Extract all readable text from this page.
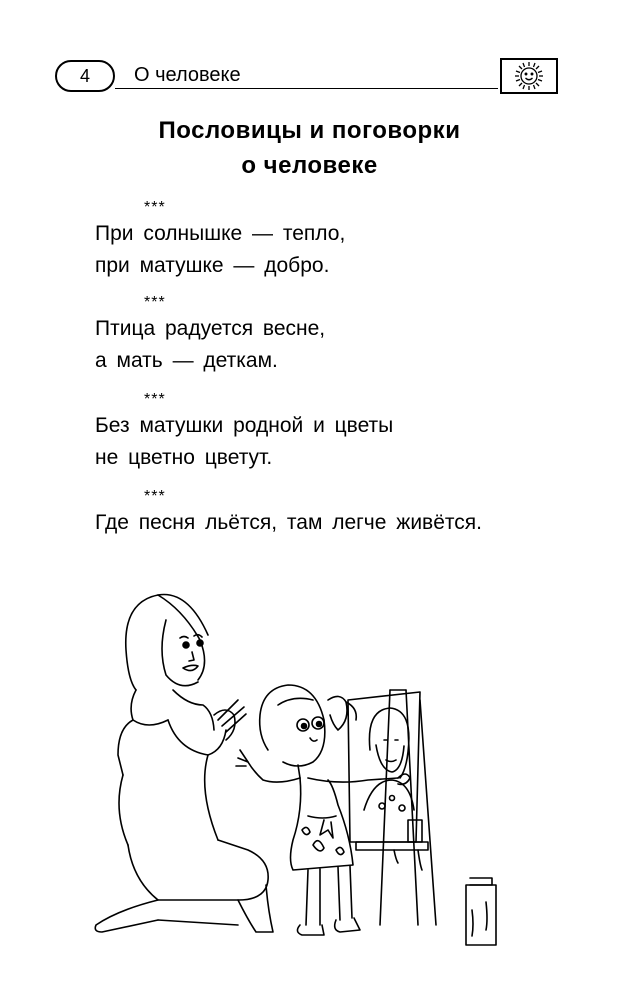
4 О человеке
Пословицы и поговорки
о человеке
***
При солнышке — тепло,
при матушке — добро.
***
Птица радуется весне,
а мать — деткам.
***
Без матушки родной и цветы
не цветно цветут.
***
Где песня льётся, там легче живётся.
